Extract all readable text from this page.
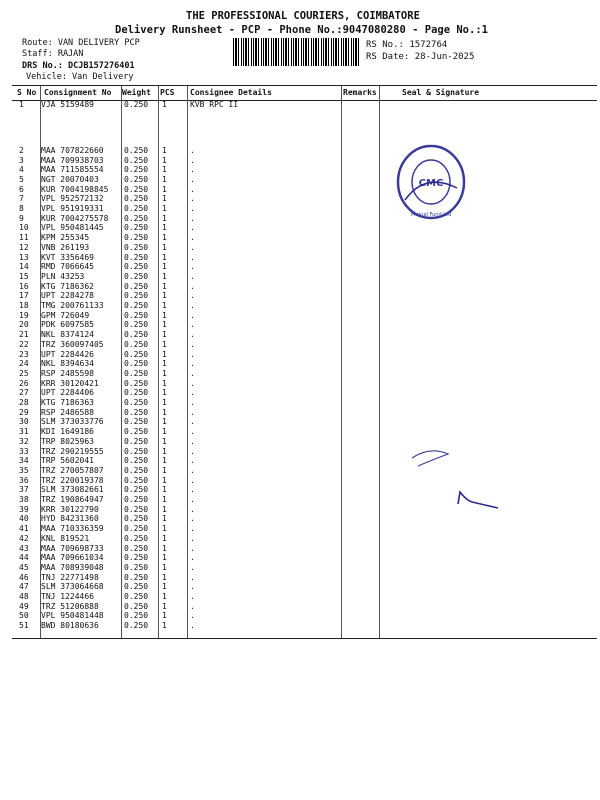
THE PROFESSIONAL COURIERS, COIMBATORE
Delivery Runsheet - PCP - Phone No.:9047080280 - Page No.:1
Route: VAN DELIVERY PCP
Staff: RAJAN
DRS No.: DCJB157276401
Vehicle: Van Delivery
RS No.: 1572764
RS Date: 28-Jun-2025
S No Consignment No Weight PCS Consignee Details	Remarks	Seal & Signature
1 VJA 5159489	0.250 1	KVB RPC II
2 MAA 707822660	0.250 1	.
3 MAA 709938703	0.250 1	.
4 MAA 711585554	0.250 1	.
5 NGT 20070403	0.250 1	.
6 KUR 7004198845 0.250 1	.
7 VPL 952572132	0.250 1	.
8 VPL 951919331	0.250 1	.
9 KUR 7004275578 0.250 1	.
10 VPL 950481445	0.250 1	.
11 KPM 255345	0.250 1	.
12 VNB 261193	0.250 1	.
13 KVT 3356469	0.250 1	.
14 RMD 7066645	0.250 1	.
15 PLN 43253	0.250 1	.
16 KTG 7186362	0.250 1	.
17 UPT 2284278	0.250 1	.
18 TMG 200761133	0.250 1	.
19 GPM 726049	0.250 1	.
20 PDK 6097585	0.250 1	.
21 NKL 8374124	0.250 1	.
22 TRZ 360097405	0.250 1	.
23 UPT 2284426	0.250 1	.
24 NKL 8394634	0.250 1	.
25 RSP 2485598	0.250 1	.
26 KRR 30120421	0.250 1	.
27 UPT 2284406	0.250 1	.
28 KTG 7186363	0.250 1	.
29 RSP 2486588	0.250 1	.
30 SLM 373033776	0.250 1	.
31 KDI 1649186	0.250 1	.
32 TRP 8025963	0.250 1	.
33 TRZ 290219555	0.250 1	.
34 TRP 5602041	0.250 1	.
35 TRZ 270057807	0.250 1	.
36 TRZ 220019378	0.250 1	.
37 SLM 373082661	0.250 1	.
38 TRZ 190864947	0.250 1	.
39 KRR 30122790	0.250 1	.
40 HYD 84231360	0.250 1	.
41 MAA 710336359	0.250 1	.
42 KNL 819521	0.250 1	.
43 MAA 709698733	0.250 1	.
44 MAA 709661034	0.250 1	.
45 MAA 708939048	0.250 1	.
46 TNJ 22771498	0.250 1	.
47 SLM 373064668	0.250 1	.
48 TNJ 1224466	0.250 1	.
49 TRZ 51206888	0.250 1	.
50 VPL 950481448	0.250 1	.
51 BWD 80180636	0.250 1	.
CMC
Mutual Fund Ltd
